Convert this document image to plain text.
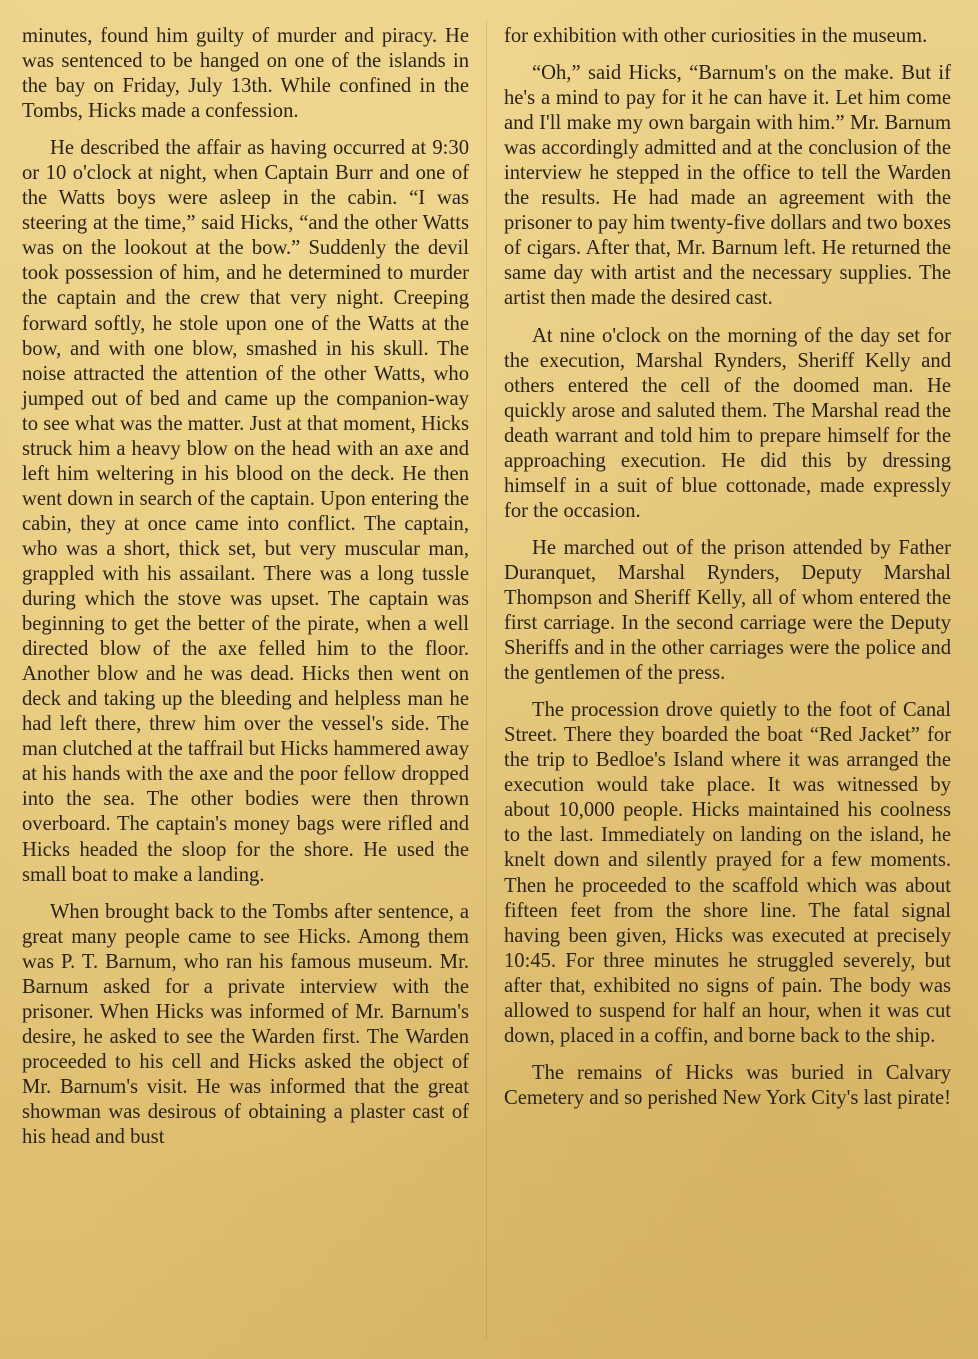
minutes, found him guilty of murder and piracy. He was sentenced to be hanged on one of the islands in the bay on Friday, July 13th. While confined in the Tombs, Hicks made a confession.

He described the affair as having occurred at 9:30 or 10 o'clock at night, when Captain Burr and one of the Watts boys were asleep in the cabin. “I was steering at the time,” said Hicks, “and the other Watts was on the lookout at the bow.” Suddenly the devil took possession of him, and he determined to murder the captain and the crew that very night. Creeping forward softly, he stole upon one of the Watts at the bow, and with one blow, smashed in his skull. The noise attracted the attention of the other Watts, who jumped out of bed and came up the companion-way to see what was the matter. Just at that moment, Hicks struck him a heavy blow on the head with an axe and left him weltering in his blood on the deck. He then went down in search of the captain. Upon entering the cabin, they at once came into conflict. The captain, who was a short, thick set, but very muscular man, grappled with his assailant. There was a long tussle during which the stove was upset. The captain was beginning to get the better of the pirate, when a well directed blow of the axe felled him to the floor. Another blow and he was dead. Hicks then went on deck and taking up the bleeding and helpless man he had left there, threw him over the vessel's side. The man clutched at the taffrail but Hicks hammered away at his hands with the axe and the poor fellow dropped into the sea. The other bodies were then thrown overboard. The captain's money bags were rifled and Hicks headed the sloop for the shore. He used the small boat to make a landing.

When brought back to the Tombs after sentence, a great many people came to see Hicks. Among them was P. T. Barnum, who ran his famous museum. Mr. Barnum asked for a private interview with the prisoner. When Hicks was informed of Mr. Barnum's desire, he asked to see the Warden first. The Warden proceeded to his cell and Hicks asked the object of Mr. Barnum's visit. He was informed that the great showman was desirous of obtaining a plaster cast of his head and bust

for exhibition with other curiosities in the museum.

“Oh,” said Hicks, “Barnum's on the make. But if he's a mind to pay for it he can have it. Let him come and I'll make my own bargain with him.” Mr. Barnum was accordingly admitted and at the conclusion of the interview he stepped in the office to tell the Warden the results. He had made an agreement with the prisoner to pay him twenty-five dollars and two boxes of cigars. After that, Mr. Barnum left. He returned the same day with artist and the necessary supplies. The artist then made the desired cast.

At nine o'clock on the morning of the day set for the execution, Marshal Rynders, Sheriff Kelly and others entered the cell of the doomed man. He quickly arose and saluted them. The Marshal read the death warrant and told him to prepare himself for the approaching execution. He did this by dressing himself in a suit of blue cottonade, made expressly for the occasion.

He marched out of the prison attended by Father Duranquet, Marshal Rynders, Deputy Marshal Thompson and Sheriff Kelly, all of whom entered the first carriage. In the second carriage were the Deputy Sheriffs and in the other carriages were the police and the gentlemen of the press.

The procession drove quietly to the foot of Canal Street. There they boarded the boat “Red Jacket” for the trip to Bedloe's Island where it was arranged the execution would take place. It was witnessed by about 10,000 people. Hicks maintained his coolness to the last. Immediately on landing on the island, he knelt down and silently prayed for a few moments. Then he proceeded to the scaffold which was about fifteen feet from the shore line. The fatal signal having been given, Hicks was executed at precisely 10:45. For three minutes he struggled severely, but after that, exhibited no signs of pain. The body was allowed to suspend for half an hour, when it was cut down, placed in a coffin, and borne back to the ship.

The remains of Hicks was buried in Calvary Cemetery and so perished New York City's last pirate!
